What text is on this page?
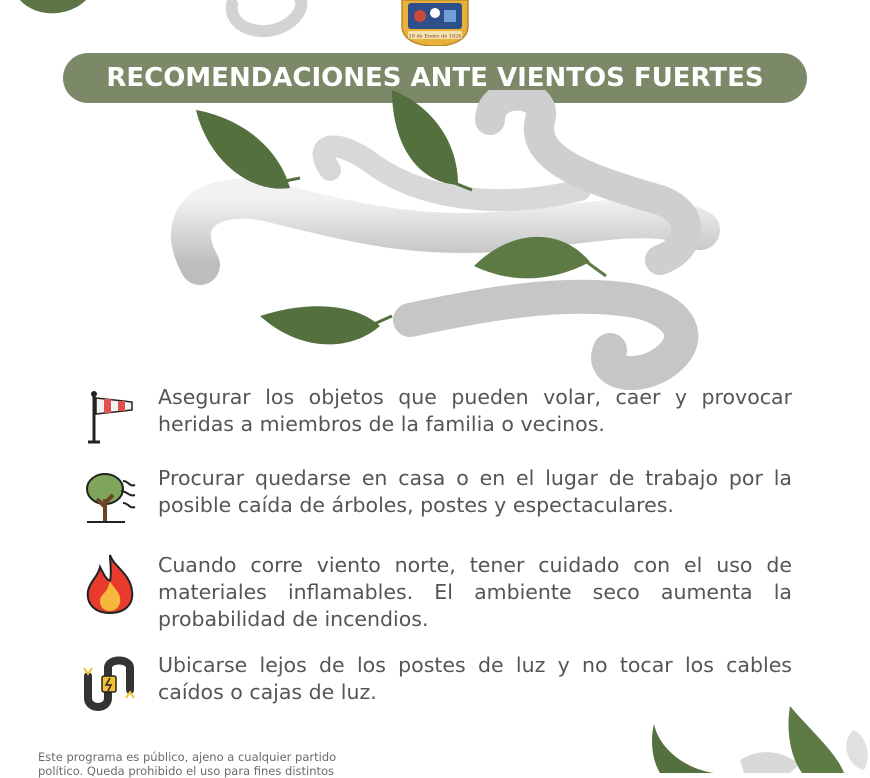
29 de Enero de 1826
RECOMENDACIONES ANTE VIENTOS FUERTES
Asegurar los objetos que pueden volar, caer y provocar heridas a miembros de la familia o vecinos.
Procurar quedarse en casa o en el lugar de trabajo por la posible caída de árboles, postes y espectaculares.
Cuando corre viento norte, tener cuidado con el uso de materiales inflamables. El ambiente seco aumenta la probabilidad de incendios.
Ubicarse lejos de los postes de luz y no tocar los cables caídos o cajas de luz.
Este programa es público, ajeno a cualquier partido
político. Queda prohibido el uso para fines distintos
